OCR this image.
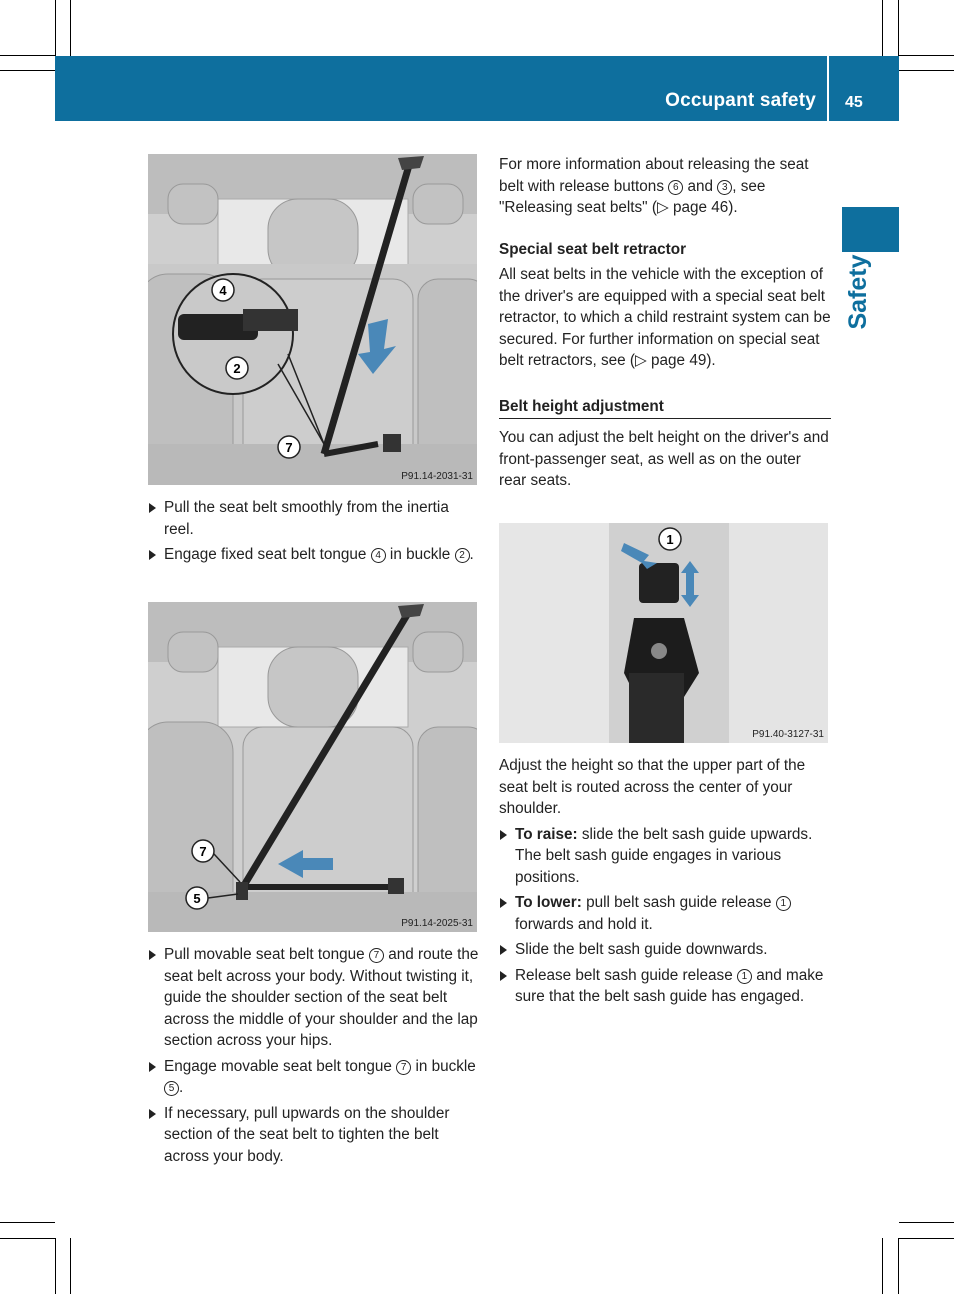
Occupant safety 45
Safety
4
2
7
P91.14-2031-31
Pull the seat belt smoothly from the inertia reel.
Engage fixed seat belt tongue 4 in buckle 2 .
7
5
P91.14-2025-31
Pull movable seat belt tongue 7 and route the seat belt across your body. Without twisting it, guide the shoulder section of the seat belt across the middle of your shoulder and the lap section across your hips.
Engage movable seat belt tongue 7 in buckle 5 .
If necessary, pull upwards on the shoulder section of the seat belt to tighten the belt across your body.

For more information about releasing the seat belt with release buttons 6 and 3 , see "Releasing seat belts" (▷ page 46).

Special seat belt retractor

All seat belts in the vehicle with the exception of the driver's are equipped with a special seat belt retractor, to which a child restraint system can be secured. For further information on special seat belt retractors, see (▷ page 49).

Belt height adjustment

You can adjust the belt height on the driver's and front-passenger seat, as well as on the outer rear seats.

1
P91.40-3127-31

Adjust the height so that the upper part of the seat belt is routed across the center of your shoulder.

To raise: slide the belt sash guide upwards. The belt sash guide engages in various positions.
To lower: pull belt sash guide release 1 forwards and hold it.
Slide the belt sash guide downwards.
Release belt sash guide release 1 and make sure that the belt sash guide has engaged.
